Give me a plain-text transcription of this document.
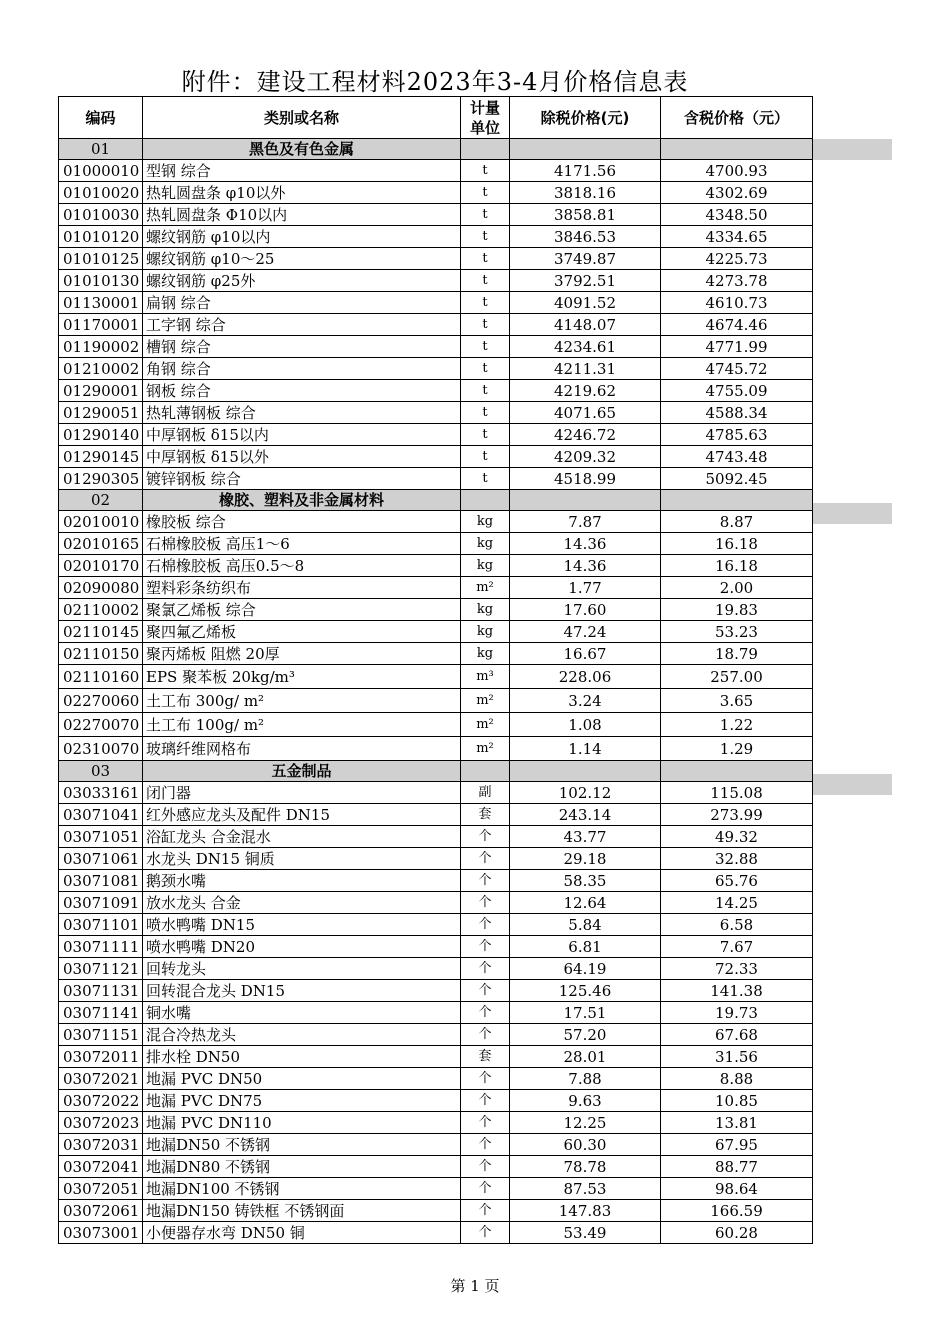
附件：建设工程材料2023年3-4月价格信息表
编码	类别或名称	计量单位	除税价格(元)	含税价格（元）
01	黑色及有色金属			
01000010	型钢 综合	t	4171.56	4700.93
01010020	热轧圆盘条 φ10以外	t	3818.16	4302.69
01010030	热轧圆盘条 Φ10以内	t	3858.81	4348.50
01010120	螺纹钢筋 φ10以内	t	3846.53	4334.65
01010125	螺纹钢筋 φ10～25	t	3749.87	4225.73
01010130	螺纹钢筋 φ25外	t	3792.51	4273.78
01130001	扁钢 综合	t	4091.52	4610.73
01170001	工字钢 综合	t	4148.07	4674.46
01190002	槽钢 综合	t	4234.61	4771.99
01210002	角钢 综合	t	4211.31	4745.72
01290001	钢板 综合	t	4219.62	4755.09
01290051	热轧薄钢板 综合	t	4071.65	4588.34
01290140	中厚钢板 δ15以内	t	4246.72	4785.63
01290145	中厚钢板 δ15以外	t	4209.32	4743.48
01290305	镀锌钢板 综合	t	4518.99	5092.45
02	橡胶、塑料及非金属材料			
02010010	橡胶板 综合	kg	7.87	8.87
02010165	石棉橡胶板 高压1～6	kg	14.36	16.18
02010170	石棉橡胶板 高压0.5～8	kg	14.36	16.18
02090080	塑料彩条纺织布	m²	1.77	2.00
02110002	聚氯乙烯板 综合	kg	17.60	19.83
02110145	聚四氟乙烯板	kg	47.24	53.23
02110150	聚丙烯板 阻燃 20厚	kg	16.67	18.79
02110160	EPS 聚苯板 20kg/m³	m³	228.06	257.00
02270060	土工布 300g/ m²	m²	3.24	3.65
02270070	土工布 100g/ m²	m²	1.08	1.22
02310070	玻璃纤维网格布	m²	1.14	1.29
03	五金制品			
03033161	闭门器	副	102.12	115.08
03071041	红外感应龙头及配件 DN15	套	243.14	273.99
03071051	浴缸龙头 合金混水	个	43.77	49.32
03071061	水龙头 DN15 铜质	个	29.18	32.88
03071081	鹅颈水嘴	个	58.35	65.76
03071091	放水龙头 合金	个	12.64	14.25
03071101	喷水鸭嘴 DN15	个	5.84	6.58
03071111	喷水鸭嘴 DN20	个	6.81	7.67
03071121	回转龙头	个	64.19	72.33
03071131	回转混合龙头 DN15	个	125.46	141.38
03071141	铜水嘴	个	17.51	19.73
03071151	混合冷热龙头	个	57.20	67.68
03072011	排水栓 DN50	套	28.01	31.56
03072021	地漏 PVC DN50	个	7.88	8.88
03072022	地漏 PVC DN75	个	9.63	10.85
03072023	地漏 PVC DN110	个	12.25	13.81
03072031	地漏DN50 不锈钢	个	60.30	67.95
03072041	地漏DN80 不锈钢	个	78.78	88.77
03072051	地漏DN100 不锈钢	个	87.53	98.64
03072061	地漏DN150 铸铁框 不锈钢面	个	147.83	166.59
03073001	小便器存水弯 DN50 铜	个	53.49	60.28
第 1 页
